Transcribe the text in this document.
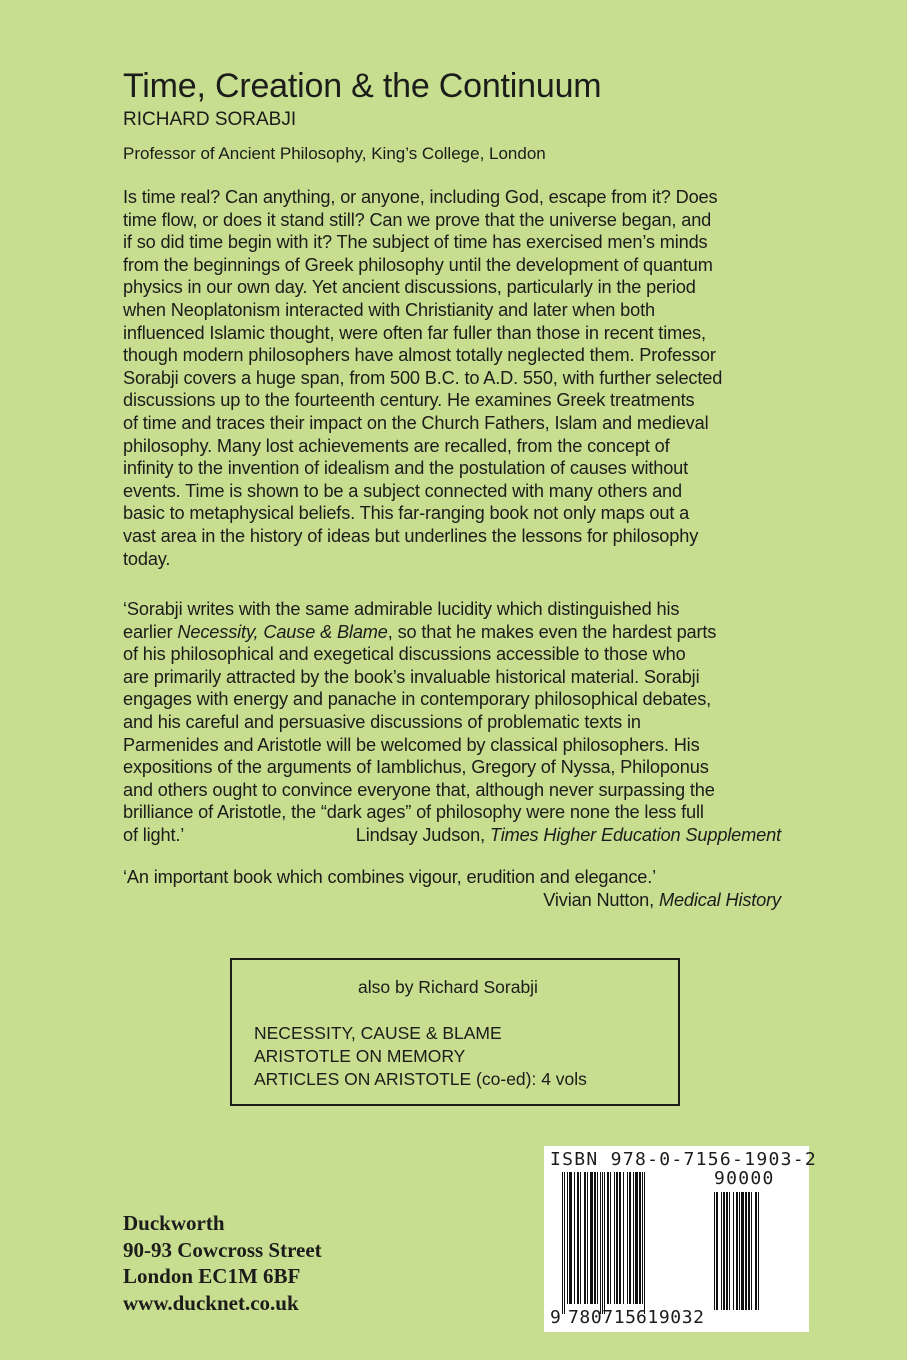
Time, Creation & the Continuum
RICHARD SORABJI
Professor of Ancient Philosophy, King’s College, London
Is time real? Can anything, or anyone, including God, escape from it? Does
time flow, or does it stand still? Can we prove that the universe began, and
if so did time begin with it? The subject of time has exercised men’s minds
from the beginnings of Greek philosophy until the development of quantum
physics in our own day. Yet ancient discussions, particularly in the period
when Neoplatonism interacted with Christianity and later when both
influenced Islamic thought, were often far fuller than those in recent times,
though modern philosophers have almost totally neglected them. Professor
Sorabji covers a huge span, from 500 B.C. to A.D. 550, with further selected
discussions up to the fourteenth century. He examines Greek treatments
of time and traces their impact on the Church Fathers, Islam and medieval
philosophy. Many lost achievements are recalled, from the concept of
infinity to the invention of idealism and the postulation of causes without
events. Time is shown to be a subject connected with many others and
basic to metaphysical beliefs. This far-ranging book not only maps out a
vast area in the history of ideas but underlines the lessons for philosophy
today.
‘Sorabji writes with the same admirable lucidity which distinguished his
earlier Necessity, Cause & Blame, so that he makes even the hardest parts
of his philosophical and exegetical discussions accessible to those who
are primarily attracted by the book’s invaluable historical material. Sorabji
engages with energy and panache in contemporary philosophical debates,
and his careful and persuasive discussions of problematic texts in
Parmenides and Aristotle will be welcomed by classical philosophers. His
expositions of the arguments of Iamblichus, Gregory of Nyssa, Philoponus
and others ought to convince everyone that, although never surpassing the
brilliance of Aristotle, the “dark ages” of philosophy were none the less full
of light.’	Lindsay Judson, Times Higher Education Supplement
‘An important book which combines vigour, erudition and elegance.’
Vivian Nutton, Medical History
also by Richard Sorabji
NECESSITY, CAUSE & BLAME
ARISTOTLE ON MEMORY
ARTICLES ON ARISTOTLE (co-ed): 4 vols
Duckworth
90-93 Cowcross Street
London EC1M 6BF
www.ducknet.co.uk
ISBN 978-0-7156-1903-2
90000
9 780715 619032
